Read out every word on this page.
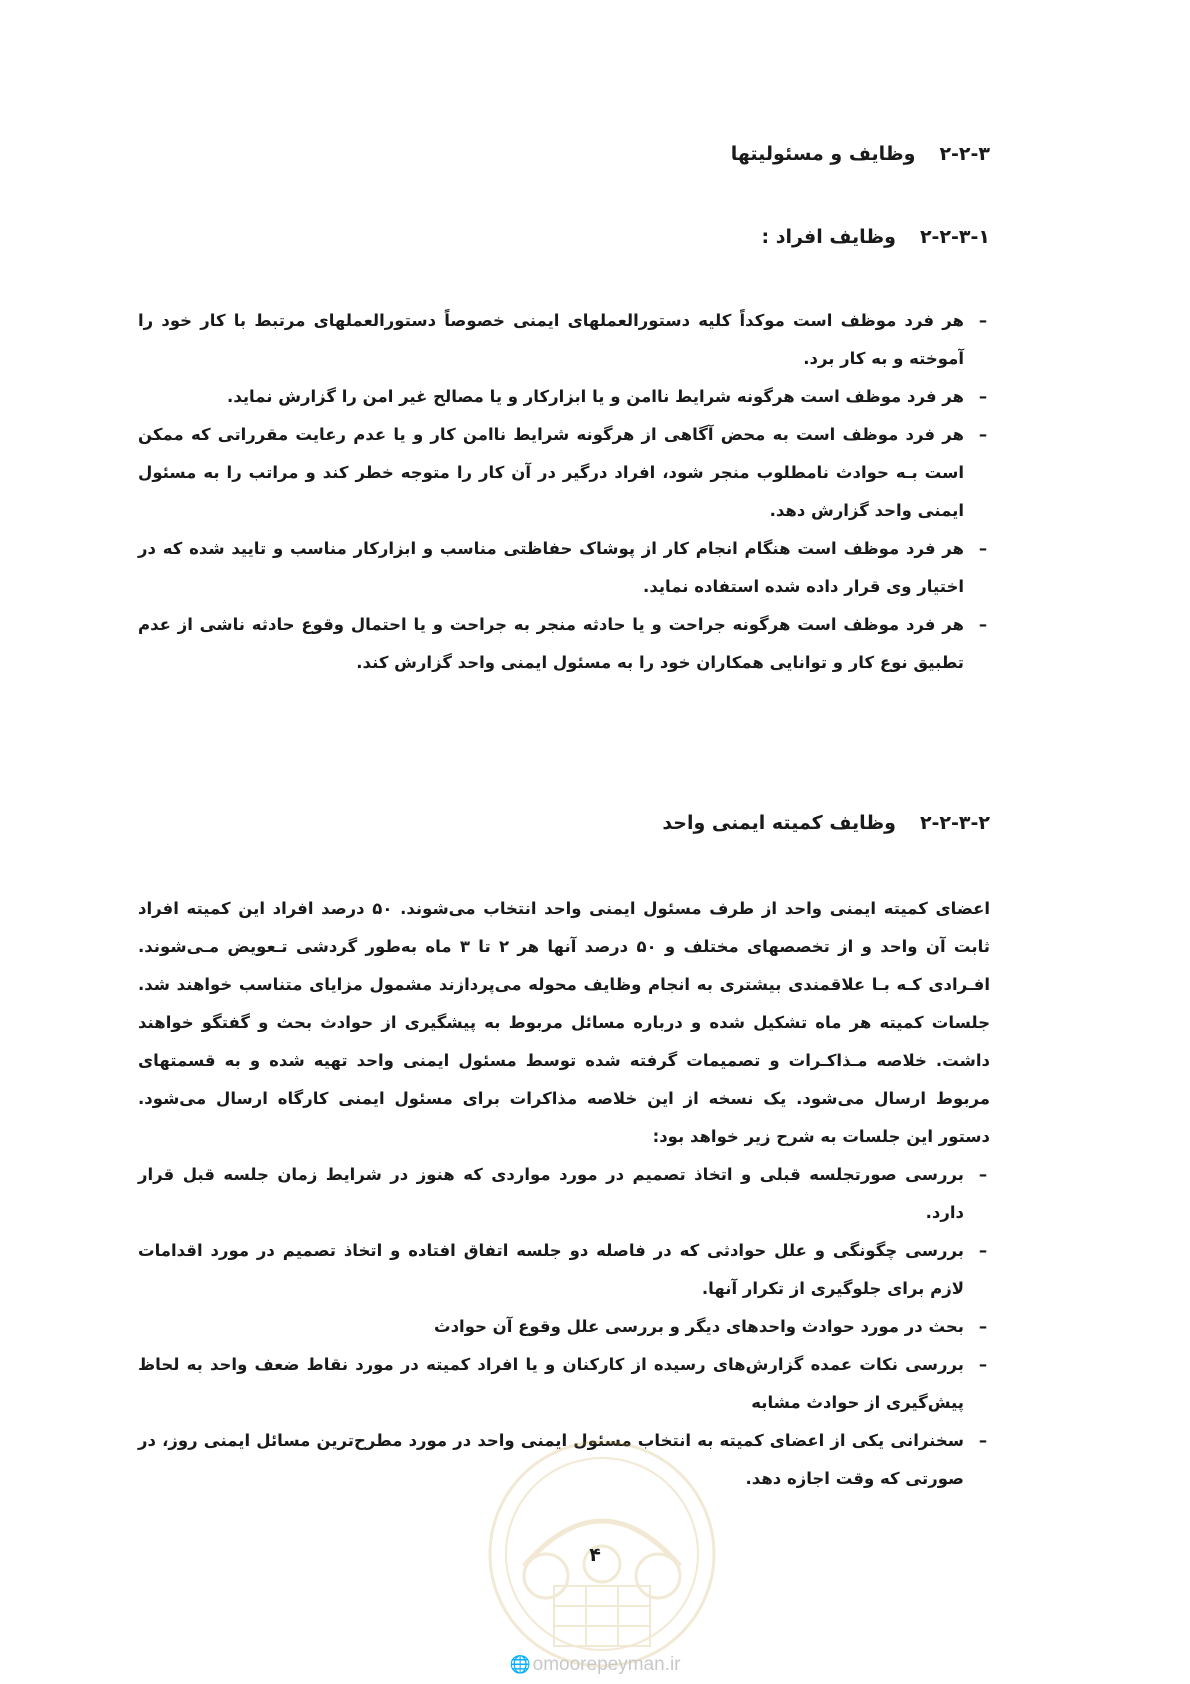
۲-۲-۳وظایف و مسئولیتها
۲-۲-۳-۱وظایف افراد :
–
هر فرد موظف است موکداً کلیه دستورالعملهای ایمنی خصوصاً دستورالعملهای مرتبط با کار خود را آموخته و به کار برد.
–
هر فرد موظف است هرگونه شرایط ناامن و یا ابزارکار و یا مصالح غیر امن را گزارش نماید.
–
هر فرد موظف است به محض آگاهی از هرگونه شرایط ناامن کار و یا عدم رعایت مقرراتی که ممکن است بـه حوادث نامطلوب منجر شود، افراد درگیر در آن کار را متوجه خطر کند و مراتب را به مسئول ایمنی واحد گزارش دهد.
–
هر فرد موظف است هنگام انجام کار از پوشاک حفاظتی مناسب و ابزارکار مناسب و تایید شده که در اختیار وی قرار داده شده استفاده نماید.
–
هر فرد موظف است هرگونه جراحت و یا حادثه منجر به جراحت و یا احتمال وقوع حادثه ناشی از عدم تطبیق نوع کار و توانایی همکاران خود را به مسئول ایمنی واحد گزارش کند.
۲-۲-۳-۲وظایف کمیته ایمنی واحد
اعضای کمیته ایمنی واحد از طرف مسئول ایمنی واحد انتخاب می‌شوند. ۵۰ درصد افراد این کمیته افراد ثابت آن واحد و از تخصصهای مختلف و ۵۰ درصد آنها هر ۲ تا ۳ ماه به‌طور گردشی تـعویض مـی‌شوند. افـرادی کـه بـا علاقمندی بیشتری به انجام وظایف محوله می‌پردازند مشمول مزایای متناسب خواهند شد. جلسات کمیته هر ماه تشکیل شده و درباره مسائل مربوط به پیشگیری از حوادث بحث و گفتگو خواهند داشت. خلاصه مـذاکـرات و تصمیمات گرفته شده توسط مسئول ایمنی واحد تهیه شده و به قسمتهای مربوط ارسال می‌شود. یک نسخه از این خلاصه مذاکرات برای مسئول ایمنی کارگاه ارسال می‌شود. دستور این جلسات به شرح زیر خواهد بود:
–
بررسی صورتجلسه قبلی و اتخاذ تصمیم در مورد مواردی که هنوز در شرایط زمان جلسه قبل قرار دارد.
–
بررسی چگونگی و علل حوادثی که در فاصله دو جلسه اتفاق افتاده و اتخاذ تصمیم در مورد اقدامات لازم برای جلوگیری از تکرار آنها.
–
بحث در مورد حوادث واحدهای دیگر و بررسی علل وقوع آن حوادث
–
بررسی نکات عمده گزارش‌های رسیده از کارکنان و یا افراد کمیته در مورد نقاط ضعف واحد به لحاظ پیش‌گیری از حوادث مشابه
–
سخنرانی یکی از اعضای کمیته به انتخاب مسئول ایمنی واحد در مورد مطرح‌ترین مسائل ایمنی روز، در صورتی که وقت اجازه دهد.
۴
🌐 omoorepeyman.ir
